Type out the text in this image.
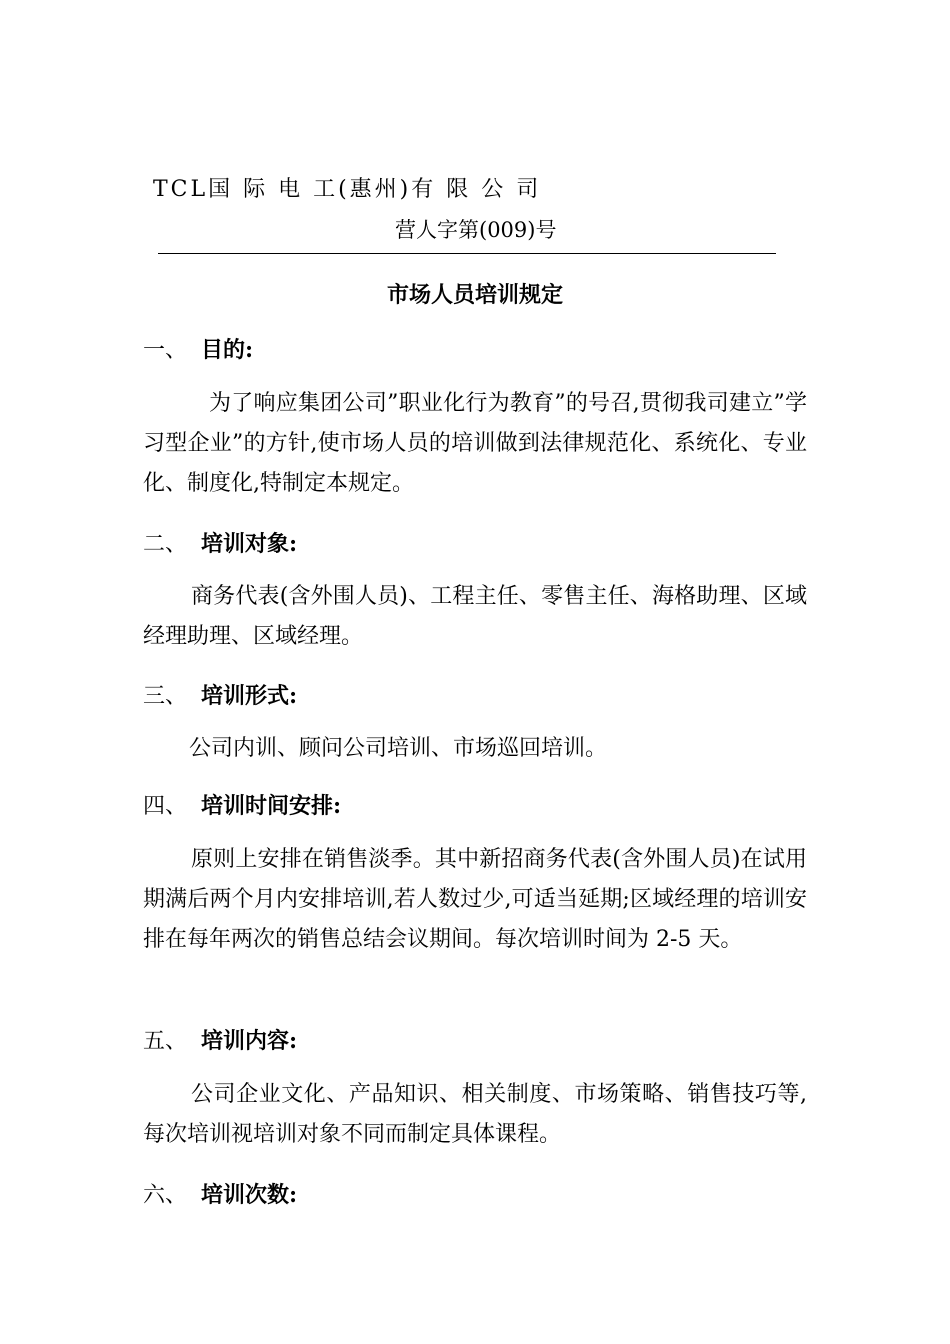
TCL国 际 电 工(惠州)有 限 公 司
营人字第(009)号
市场人员培训规定
一、 目的:

为了响应集团公司”职业化行为教育”的号召,贯彻我司建立”学习型企业”的方针,使市场人员的培训做到法律规范化、系统化、专业化、制度化,特制定本规定。

二、 培训对象:

商务代表(含外围人员)、工程主任、零售主任、海格助理、区域经理助理、区域经理。

三、 培训形式:

公司内训、顾问公司培训、市场巡回培训。

四、 培训时间安排:

原则上安排在销售淡季。其中新招商务代表(含外围人员)在试用期满后两个月内安排培训,若人数过少,可适当延期;区域经理的培训安排在每年两次的销售总结会议期间。每次培训时间为 2-5 天。

五、 培训内容:

公司企业文化、产品知识、相关制度、市场策略、销售技巧等,每次培训视培训对象不同而制定具体课程。

六、 培训次数:
